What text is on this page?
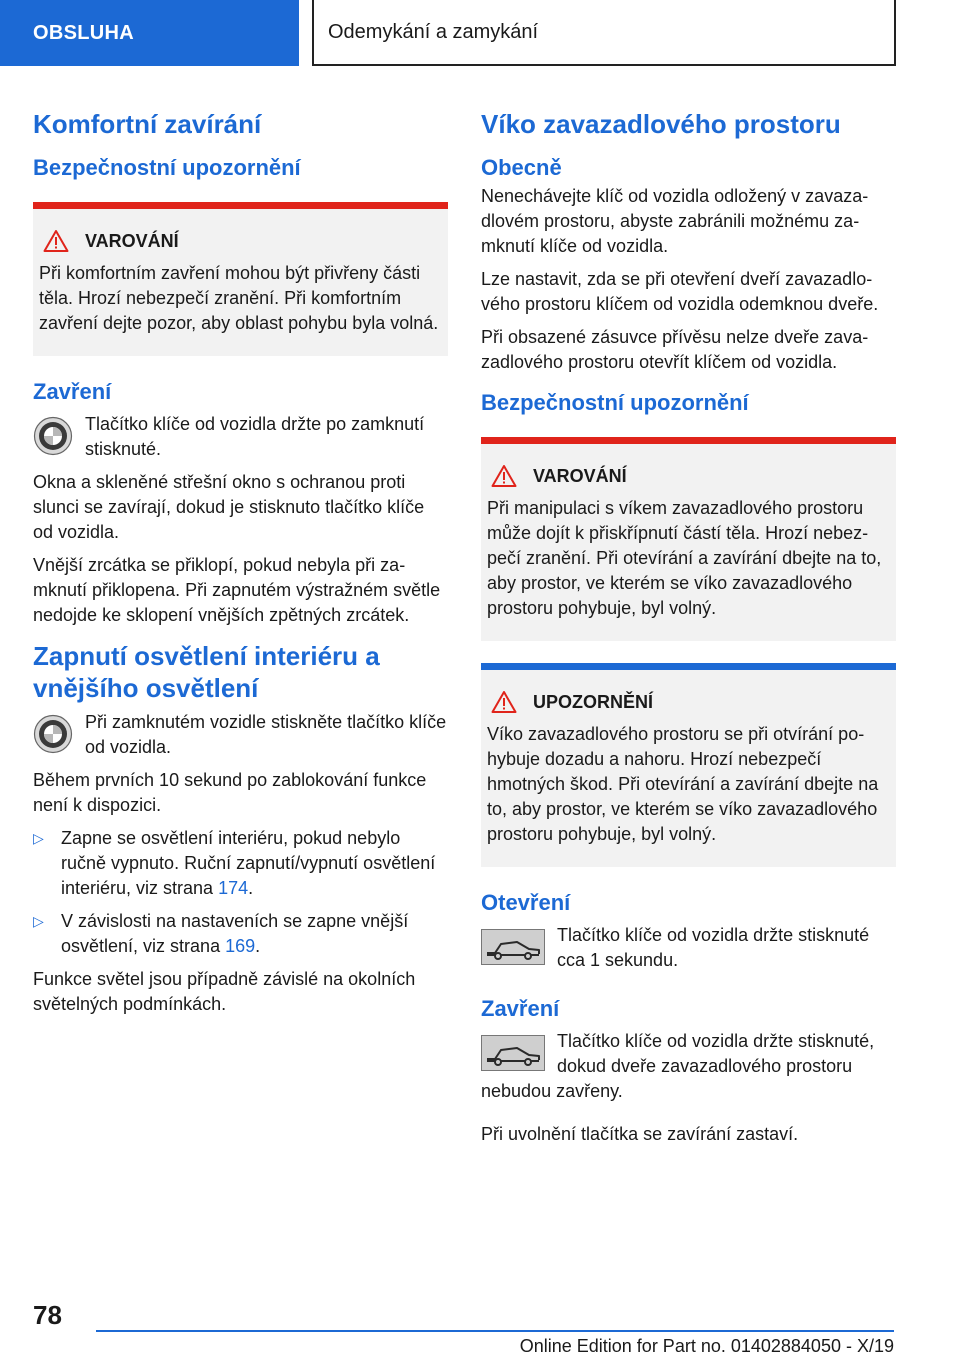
OBSLUHA	Odemykání a zamykání
Komfortní zavírání
Bezpečnostní upozornění
VAROVÁNÍ

Při komfortním zavření mohou být přivřeny části těla. Hrozí nebezpečí zranění. Při komfortním zavření dejte pozor, aby oblast pohybu byla volná.

Zavření

Tlačítko klíče od vozidla držte po zamknutí stisknuté.

Okna a skleněné střešní okno s ochranou proti slunci se zavírají, dokud je stisknuto tlačítko klíče od vozidla.

Vnější zrcátka se přiklopí, pokud nebyla při zamknutí přiklopena. Při zapnutém výstražném světle nedojde ke sklopení vnějších zpětných zrcátek.

Zapnutí osvětlení interiéru a vnějšího osvětlení

Při zamknutém vozidle stiskněte tlačítko klíče od vozidla.

Během prvních 10 sekund po zablokování funkce není k dispozici.

▷ Zapne se osvětlení interiéru, pokud nebylo ručně vypnuto. Ruční zapnutí/vypnutí osvětlení interiéru, viz strana 174.
▷ V závislosti na nastaveních se zapne vnější osvětlení, viz strana 169.

Funkce světel jsou případně závislé na okolních světelných podmínkách.

Víko zavazadlového prostoru
Obecně

Nenechávejte klíč od vozidla odložený v zavazadlovém prostoru, abyste zabránili možnému zamknutí klíče od vozidla.

Lze nastavit, zda se při otevření dveří zavazadlového prostoru klíčem od vozidla odemknou dveře.

Při obsazené zásuvce přívěsu nelze dveře zavazadlového prostoru otevřít klíčem od vozidla.

Bezpečnostní upozornění
VAROVÁNÍ

Při manipulaci s víkem zavazadlového prostoru může dojít k přiskřípnutí částí těla. Hrozí nebezpečí zranění. Při otevírání a zavírání dbejte na to, aby prostor, ve kterém se víko zavazadlového prostoru pohybuje, byl volný.

UPOZORNĚNÍ

Víko zavazadlového prostoru se při otvírání pohybuje dozadu a nahoru. Hrozí nebezpečí hmotných škod. Při otevírání a zavírání dbejte na to, aby prostor, ve kterém se víko zavazadlového prostoru pohybuje, byl volný.

Otevření

Tlačítko klíče od vozidla držte stisknuté cca 1 sekundu.

Zavření

Tlačítko klíče od vozidla držte stisknuté, dokud dveře zavazadlového prostoru nebudou zavřeny.

Při uvolnění tlačítka se zavírání zastaví.

78
Online Edition for Part no. 01402884050 - X/19
